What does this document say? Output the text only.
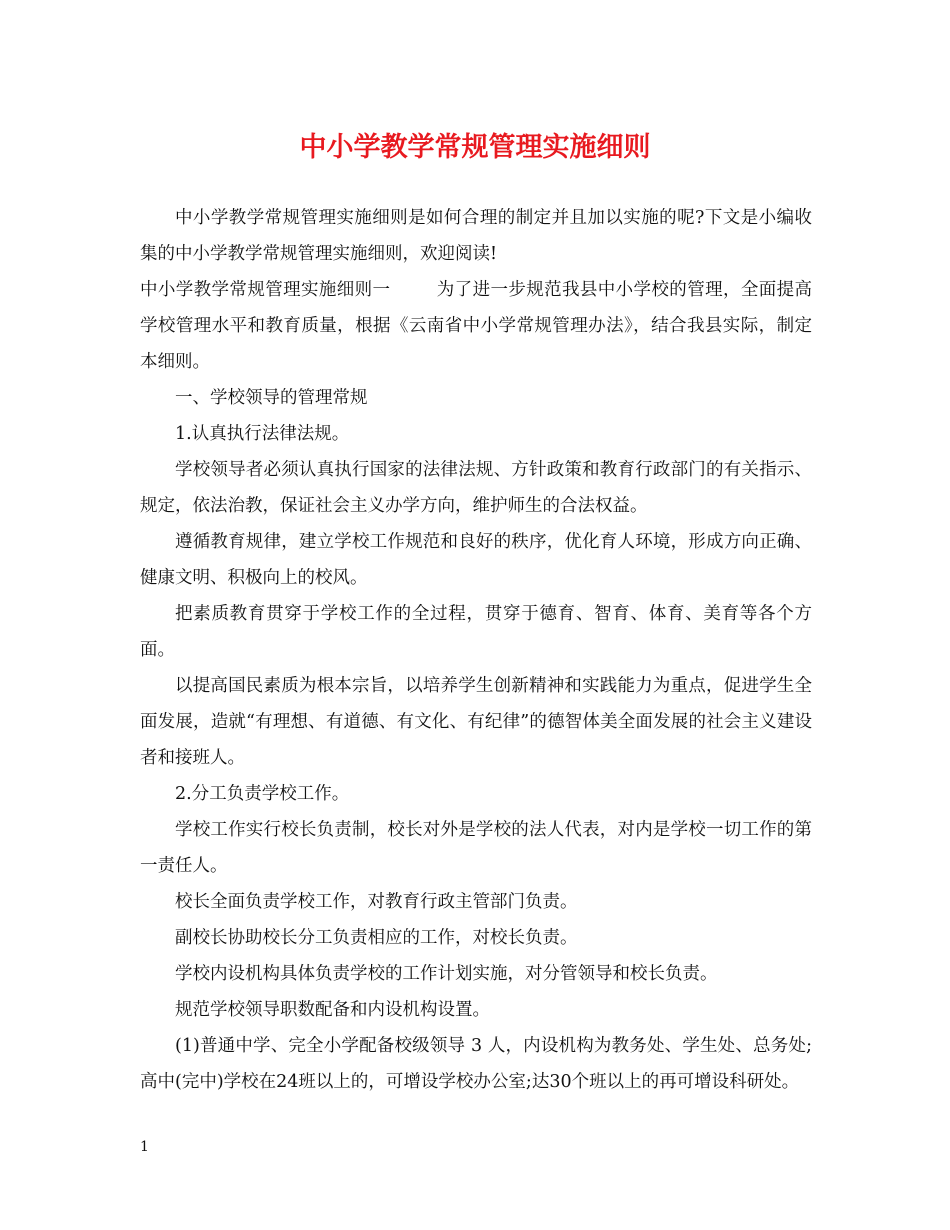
中小学教学常规管理实施细则

中小学教学常规管理实施细则是如何合理的制定并且加以实施的呢?下文是小编收集的中小学教学常规管理实施细则，欢迎阅读!

中小学教学常规管理实施细则一	为了进一步规范我县中小学校的管理，全面提高学校管理水平和教育质量，根据《云南省中小学常规管理办法》，结合我县实际，制定本细则。

一、学校领导的管理常规

1.认真执行法律法规。

学校领导者必须认真执行国家的法律法规、方针政策和教育行政部门的有关指示、规定，依法治教，保证社会主义办学方向，维护师生的合法权益。

遵循教育规律，建立学校工作规范和良好的秩序，优化育人环境，形成方向正确、健康文明、积极向上的校风。

把素质教育贯穿于学校工作的全过程，贯穿于德育、智育、体育、美育等各个方面。

以提高国民素质为根本宗旨，以培养学生创新精神和实践能力为重点，促进学生全面发展，造就“有理想、有道德、有文化、有纪律”的德智体美全面发展的社会主义建设者和接班人。

2.分工负责学校工作。

学校工作实行校长负责制，校长对外是学校的法人代表，对内是学校一切工作的第一责任人。

校长全面负责学校工作，对教育行政主管部门负责。

副校长协助校长分工负责相应的工作，对校长负责。

学校内设机构具体负责学校的工作计划实施，对分管领导和校长负责。

规范学校领导职数配备和内设机构设置。

(1)普通中学、完全小学配备校级领导 3 人，内设机构为教务处、学生处、总务处;高中(完中)学校在24班以上的，可增设学校办公室;达30个班以上的再可增设科研处。

1
